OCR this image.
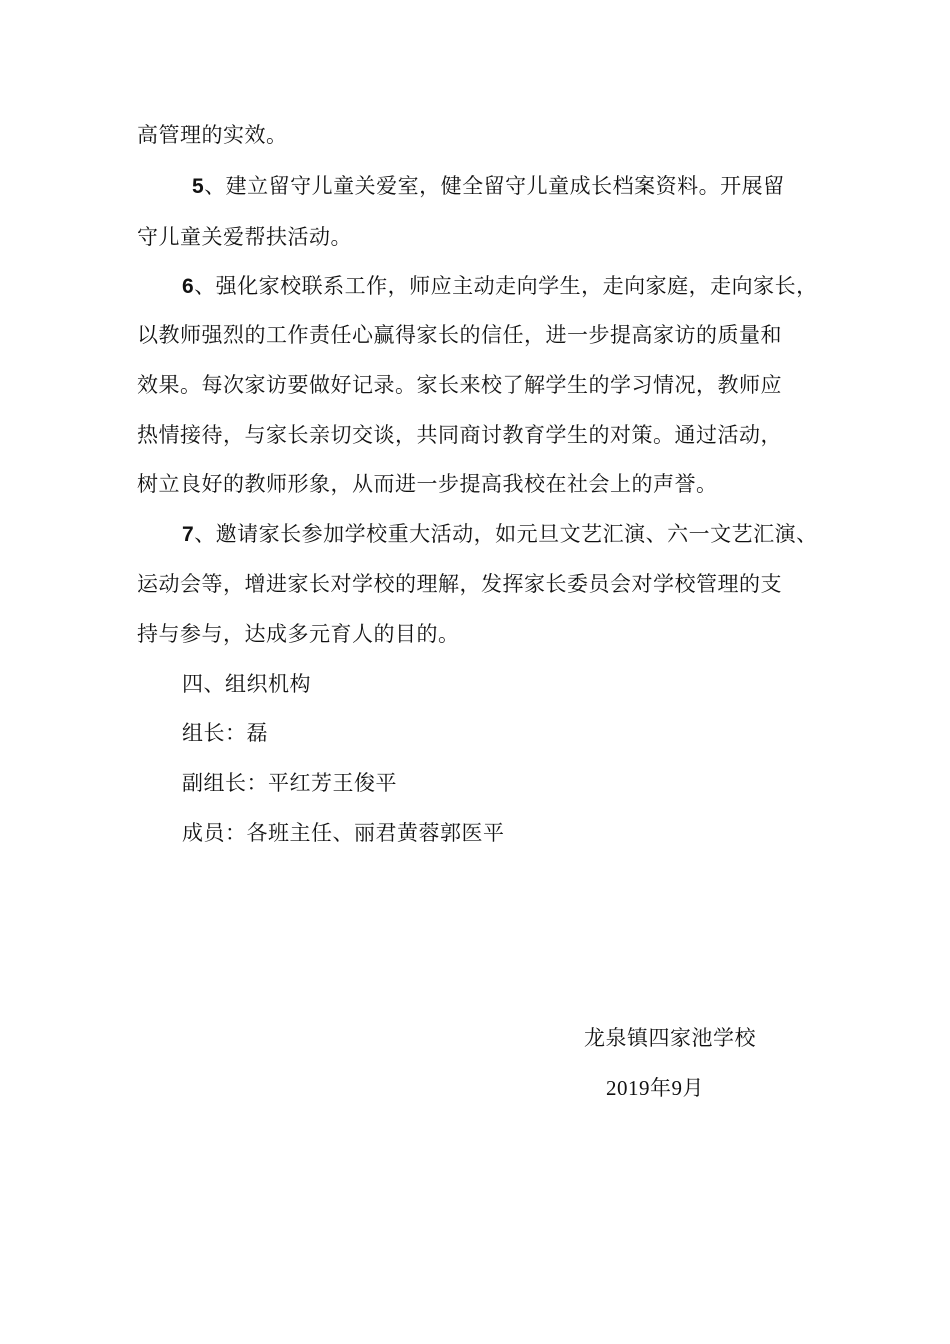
高管理的实效。
5、建立留守儿童关爱室，健全留守儿童成长档案资料。开展留
守儿童关爱帮扶活动。
6、强化家校联系工作，师应主动走向学生，走向家庭，走向家长，
以教师强烈的工作责任心赢得家长的信任，进一步提高家访的质量和
效果。每次家访要做好记录。家长来校了解学生的学习情况，教师应
热情接待，与家长亲切交谈，共同商讨教育学生的对策。通过活动，
树立良好的教师形象，从而进一步提高我校在社会上的声誉。
7、邀请家长参加学校重大活动，如元旦文艺汇演、六一文艺汇演、
运动会等，增进家长对学校的理解，发挥家长委员会对学校管理的支
持与参与，达成多元育人的目的。
四、组织机构
组长：磊
副组长：平红芳王俊平
成员：各班主任、丽君黄蓉郭医平
龙泉镇四家池学校
2019年9月
